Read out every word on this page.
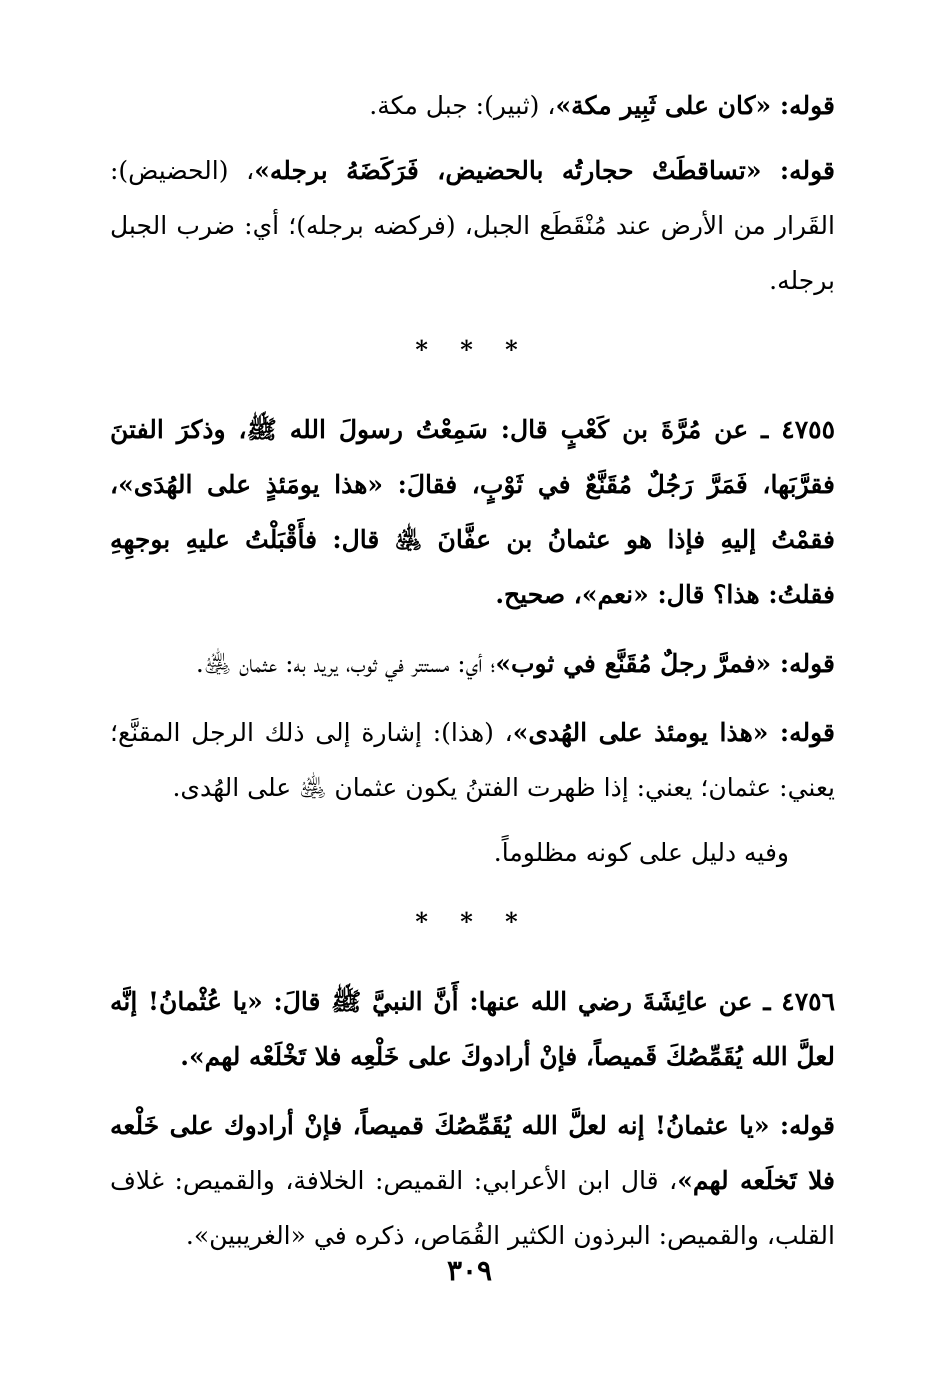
قوله: «كان على ثَبِير مكة»، (ثبير): جبل مكة.

قوله: «تساقطَتْ حجارتُه بالحضيض، فَرَكَضَهُ برجله»، (الحضيض): القَرار من الأرض عند مُنْقَطَع الجبل، (فركضه برجله)؛ أي: ضرب الجبل برجله.

* * *

٤٧٥٥ ـ عن مُرَّةَ بن كَعْبٍ قال: سَمِعْتُ رسولَ الله ﷺ، وذكرَ الفتنَ فقرَّبَها، فَمَرَّ رَجُلٌ مُقَنَّعٌ في ثَوْبٍ، فقالَ: «هذا يومَئذٍ على الهُدَى»، فقمْتُ إليهِ فإذا هو عثمانُ بن عفَّانَ ﵁ قال: فأَقْبَلْتُ عليهِ بوجهِهِ فقلتُ: هذا؟ قال: «نعم»، صحيح.

قوله: «فمرَّ رجلٌ مُقَنَّع في ثوب»؛ أي: مستتر في ثوب، يريد به: عثمان ﵁.

قوله: «هذا يومئذ على الهُدى»، (هذا): إشارة إلى ذلك الرجل المقنَّع؛ يعني: عثمان؛ يعني: إذا ظهرت الفتنُ يكون عثمان ﵁ على الهُدى.

وفيه دليل على كونه مظلوماً.

* * *

٤٧٥٦ ـ عن عائِشَةَ رضي الله عنها: أَنَّ النبيَّ ﷺ قالَ: «يا عُثْمانُ! إنَّه لعلَّ الله يُقَمِّصُكَ قَميصاً، فإنْ أرادوكَ على خَلْعِه فلا تَخْلَعْه لهم».

قوله: «يا عثمانُ! إنه لعلَّ الله يُقَمِّصُكَ قميصاً، فإنْ أرادوك على خَلْعه فلا تَخلَعه لهم»، قال ابن الأعرابي: القميص: الخلافة، والقميص: غلاف القلب، والقميص: البرذون الكثير القُمَاص، ذكره في «الغريبين».

٣٠٩
